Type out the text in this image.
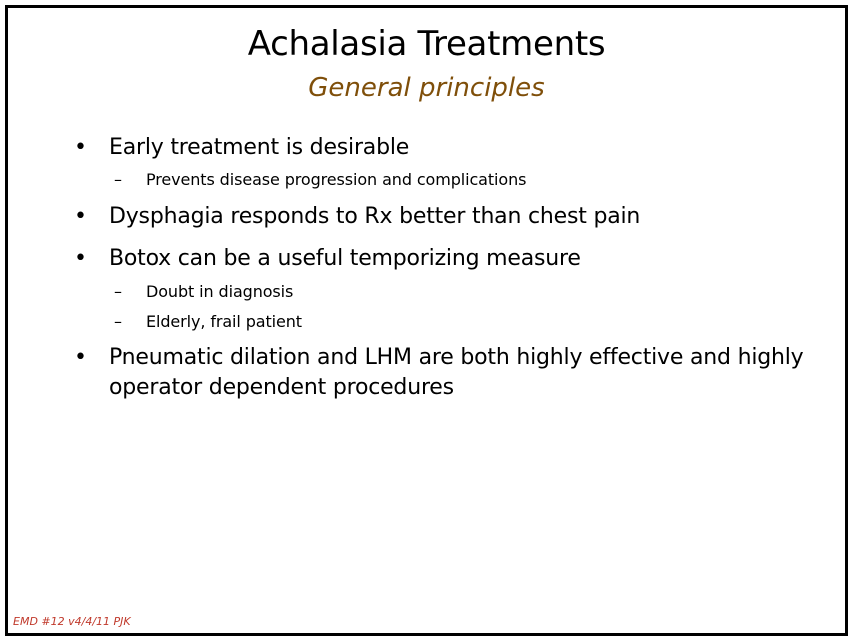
Achalasia Treatments
General principles
• Early treatment is desirable
– Prevents disease progression and complications
• Dysphagia responds to Rx better than chest pain
• Botox can be a useful temporizing measure
– Doubt in diagnosis
– Elderly, frail patient
• Pneumatic dilation and LHM are both highly effective and highly operator dependent procedures
EMD #12 v4/4/11 PJK
